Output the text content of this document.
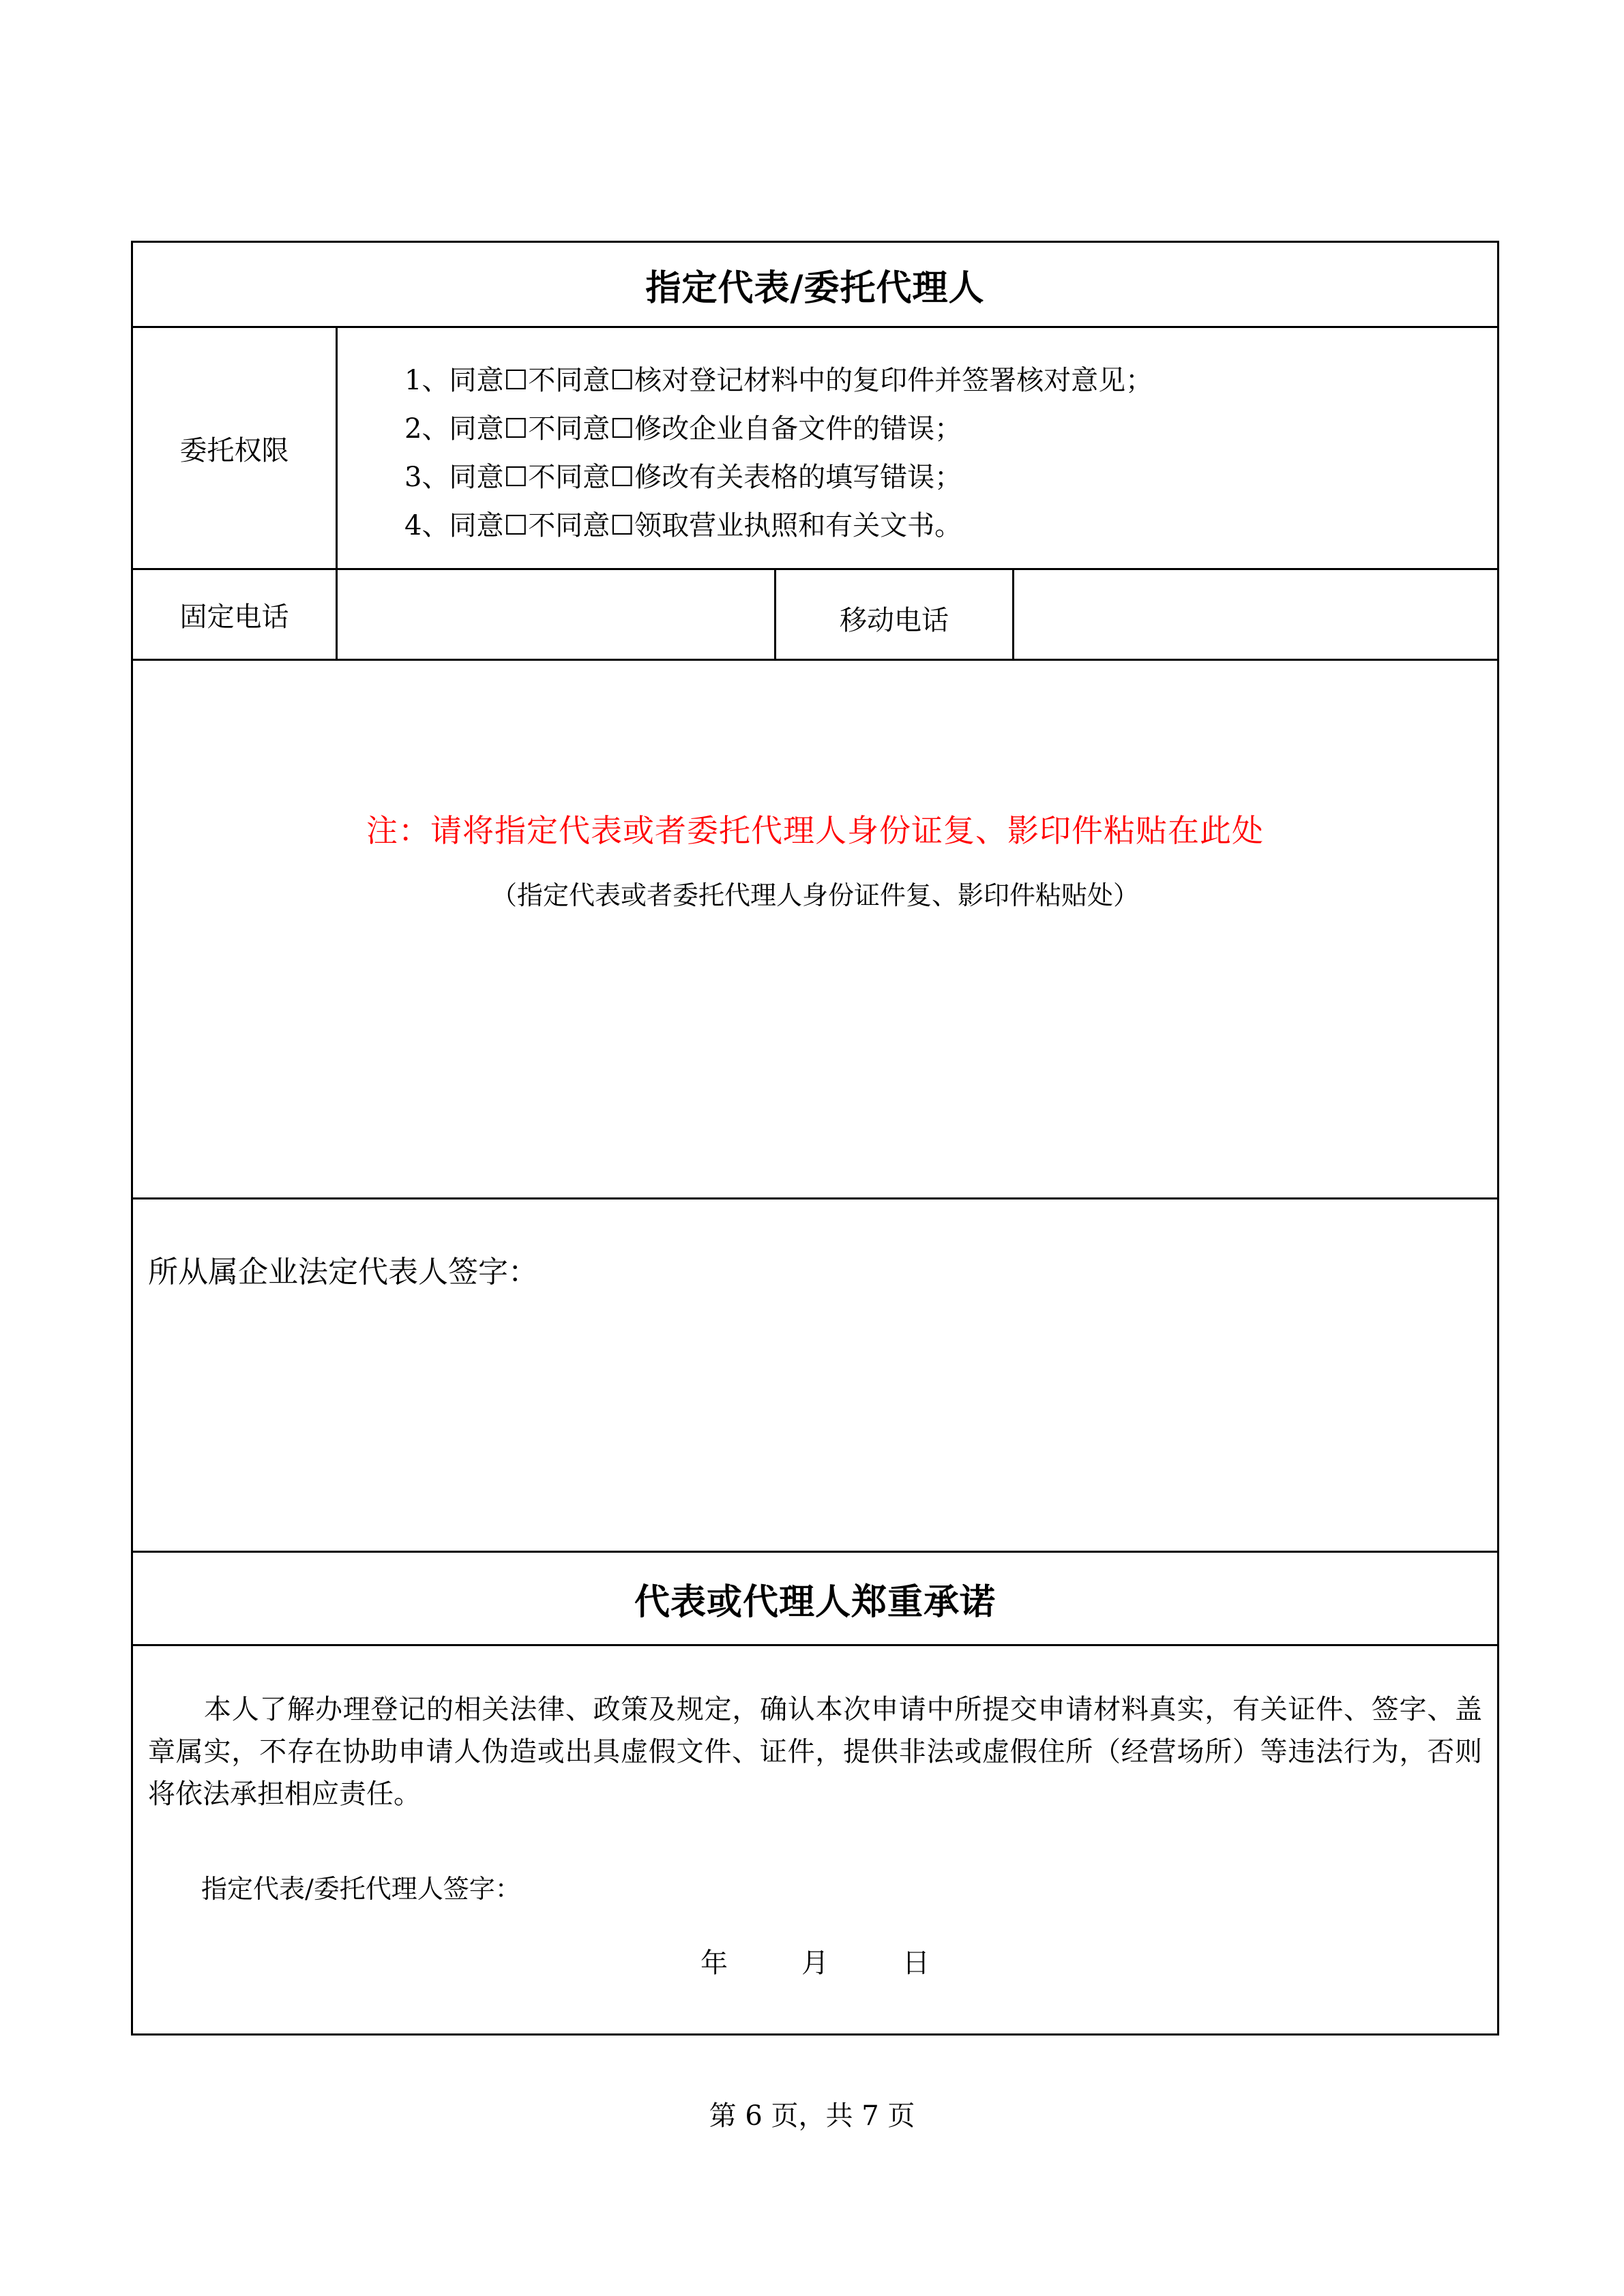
指定代表/委托代理人
委托权限
1、同意☐不同意☐核对登记材料中的复印件并签署核对意见；
2、同意☐不同意☐修改企业自备文件的错误；
3、同意☐不同意☐修改有关表格的填写错误；
4、同意☐不同意☐领取营业执照和有关文书。
固定电话	移动电话
注：请将指定代表或者委托代理人身份证复、影印件粘贴在此处
（指定代表或者委托代理人身份证件复、影印件粘贴处）
所从属企业法定代表人签字：
代表或代理人郑重承诺
本人了解办理登记的相关法律、政策及规定，确认本次申请中所提交申请材料真实，有关证件、签字、盖章属实，不存在协助申请人伪造或出具虚假文件、证件，提供非法或虚假住所（经营场所）等违法行为，否则将依法承担相应责任。
指定代表/委托代理人签字：
年	月	日
第 6 页，共 7 页
